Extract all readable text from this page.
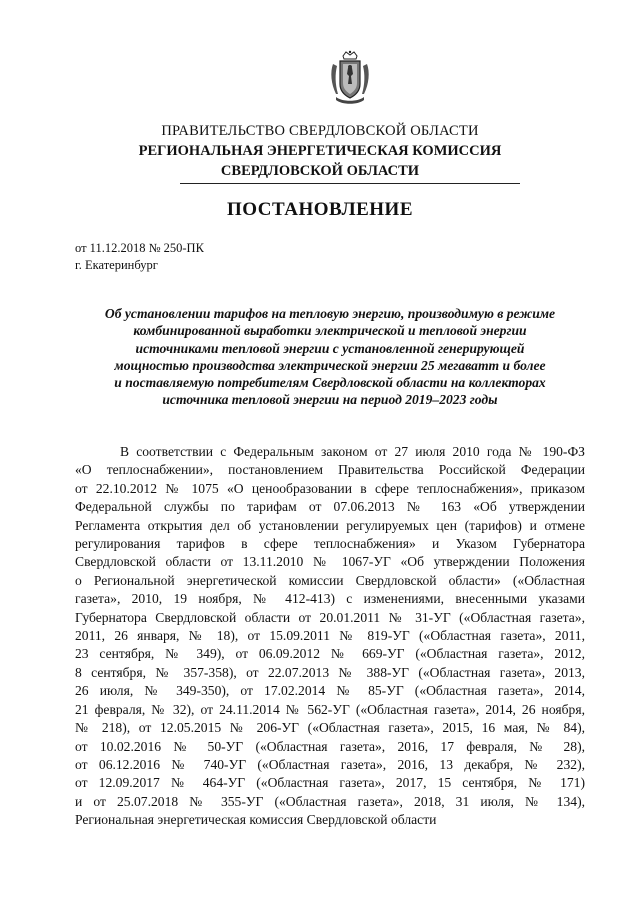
ПРАВИТЕЛЬСТВО СВЕРДЛОВСКОЙ ОБЛАСТИ
РЕГИОНАЛЬНАЯ ЭНЕРГЕТИЧЕСКАЯ КОМИССИЯ
СВЕРДЛОВСКОЙ ОБЛАСТИ
ПОСТАНОВЛЕНИЕ
от 11.12.2018 № 250-ПК
г. Екатеринбург
Об установлении тарифов на тепловую энергию, производимую в режиме
комбинированной выработки электрической и тепловой энергии
источниками тепловой энергии с установленной генерирующей
мощностью производства электрической энергии 25 мегаватт и более
и поставляемую потребителям Свердловской области на коллекторах
источника тепловой энергии на период 2019–2023 годы
В соответствии с Федеральным законом от 27 июля 2010 года № 190-ФЗ
«О теплоснабжении», постановлением Правительства Российской Федерации
от 22.10.2012 № 1075 «О ценообразовании в сфере теплоснабжения», приказом
Федеральной службы по тарифам от 07.06.2013 № 163 «Об утверждении
Регламента открытия дел об установлении регулируемых цен (тарифов) и отмене
регулирования тарифов в сфере теплоснабжения» и Указом Губернатора
Свердловской области от 13.11.2010 № 1067-УГ «Об утверждении Положения
о Региональной энергетической комиссии Свердловской области» («Областная
газета», 2010, 19 ноября, № 412-413) с изменениями, внесенными указами
Губернатора Свердловской области от 20.01.2011 № 31-УГ («Областная газета»,
2011, 26 января, № 18), от 15.09.2011 № 819-УГ («Областная газета», 2011,
23 сентября, № 349), от 06.09.2012 № 669-УГ («Областная газета», 2012,
8 сентября, № 357-358), от 22.07.2013 № 388-УГ («Областная газета», 2013,
26 июля, № 349-350), от 17.02.2014 № 85-УГ («Областная газета», 2014,
21 февраля, № 32), от 24.11.2014 № 562-УГ («Областная газета», 2014, 26 ноября,
№ 218), от 12.05.2015 № 206-УГ («Областная газета», 2015, 16 мая, № 84),
от 10.02.2016 № 50-УГ («Областная газета», 2016, 17 февраля, № 28),
от 06.12.2016 № 740-УГ («Областная газета», 2016, 13 декабря, № 232),
от 12.09.2017 № 464-УГ («Областная газета», 2017, 15 сентября, № 171)
и от 25.07.2018 № 355-УГ («Областная газета», 2018, 31 июля, № 134),
Региональная энергетическая комиссия Свердловской области
